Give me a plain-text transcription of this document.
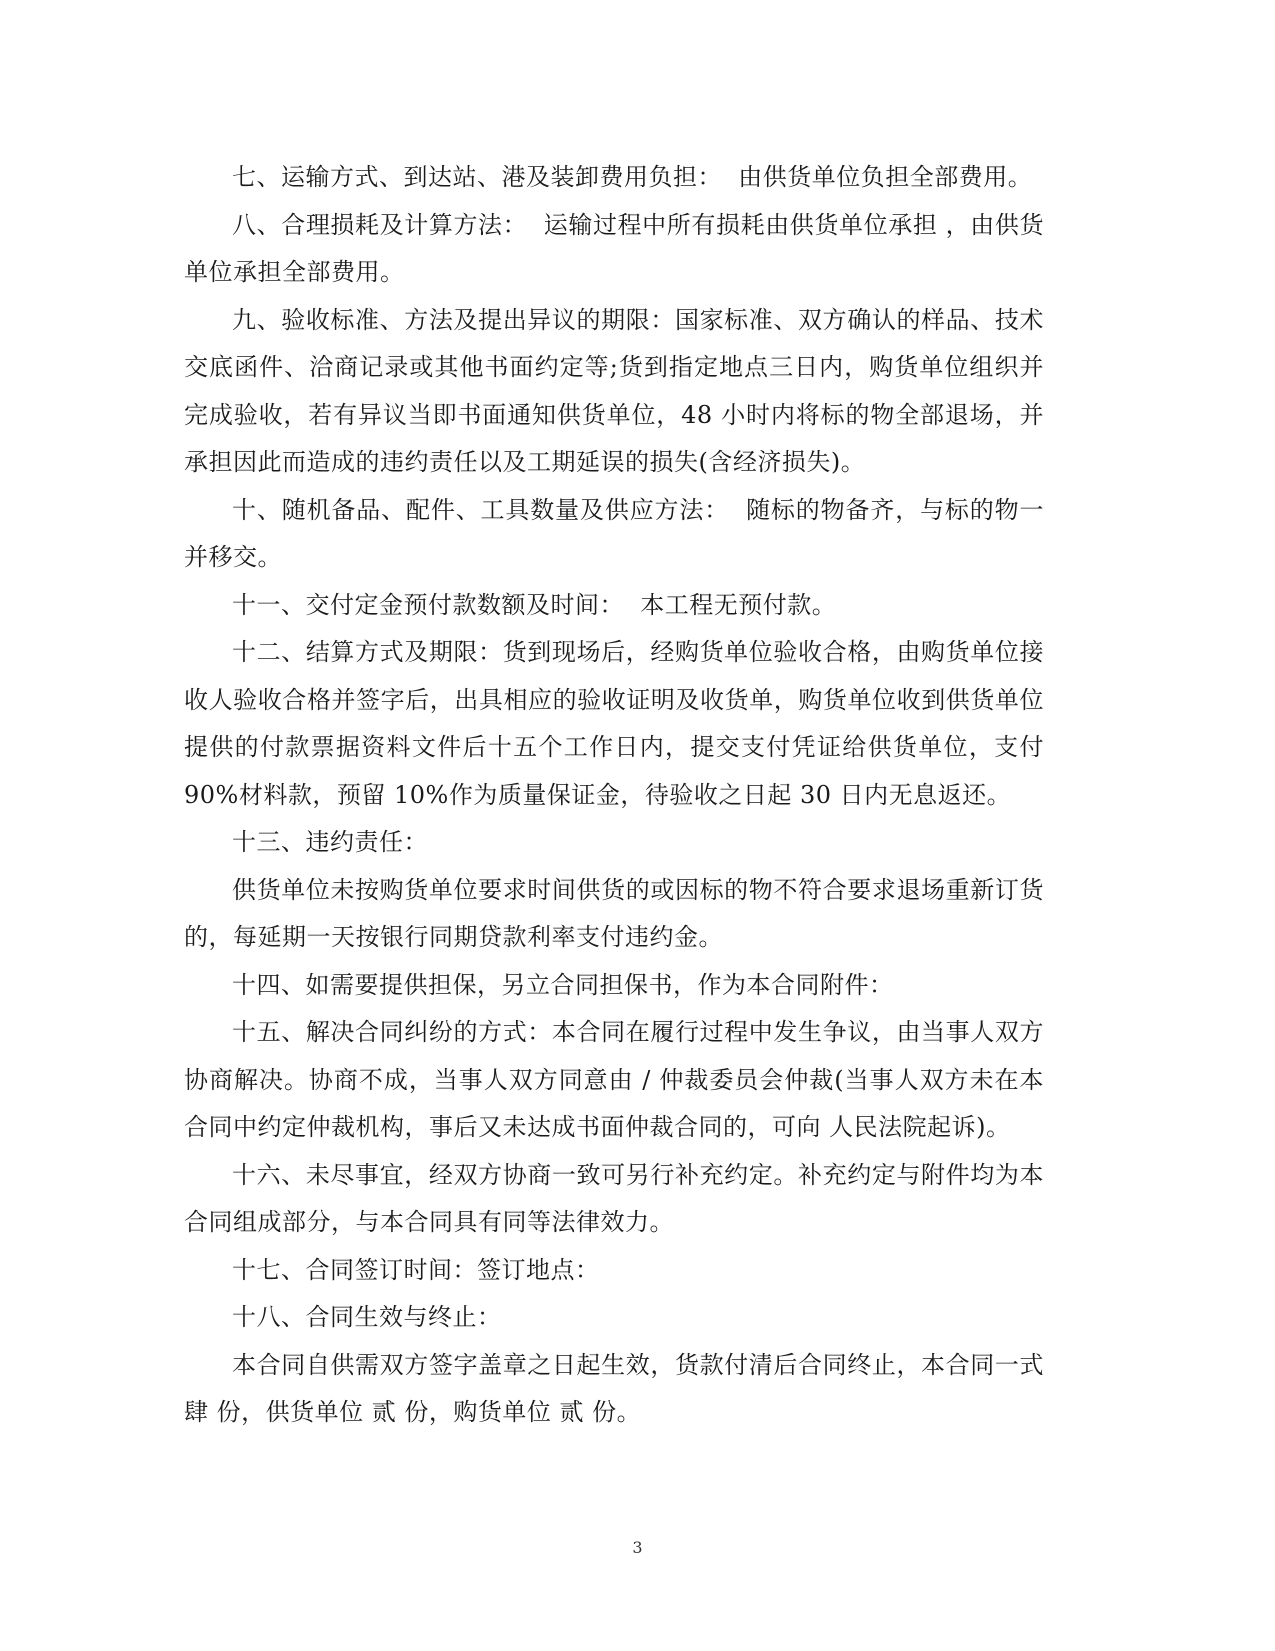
七、运输方式、到达站、港及装卸费用负担：  由供货单位负担全部费用。

八、合理损耗及计算方法：  运输过程中所有损耗由供货单位承担 ，由供货单位承担全部费用。

九、验收标准、方法及提出异议的期限：国家标准、双方确认的样品、技术交底函件、洽商记录或其他书面约定等;货到指定地点三日内，购货单位组织并完成验收，若有异议当即书面通知供货单位，48 小时内将标的物全部退场，并承担因此而造成的违约责任以及工期延误的损失(含经济损失)。

十、随机备品、配件、工具数量及供应方法：  随标的物备齐，与标的物一并移交。

十一、交付定金预付款数额及时间：  本工程无预付款。

十二、结算方式及期限：货到现场后，经购货单位验收合格，由购货单位接收人验收合格并签字后，出具相应的验收证明及收货单，购货单位收到供货单位提供的付款票据资料文件后十五个工作日内，提交支付凭证给供货单位，支付 90%材料款，预留 10%作为质量保证金，待验收之日起 30 日内无息返还。

十三、违约责任：

供货单位未按购货单位要求时间供货的或因标的物不符合要求退场重新订货的，每延期一天按银行同期贷款利率支付违约金。

十四、如需要提供担保，另立合同担保书，作为本合同附件：

十五、解决合同纠纷的方式：本合同在履行过程中发生争议，由当事人双方协商解决。协商不成，当事人双方同意由 / 仲裁委员会仲裁(当事人双方未在本合同中约定仲裁机构，事后又未达成书面仲裁合同的，可向 人民法院起诉)。

十六、未尽事宜，经双方协商一致可另行补充约定。补充约定与附件均为本合同组成部分，与本合同具有同等法律效力。

十七、合同签订时间：签订地点：

十八、合同生效与终止：

本合同自供需双方签字盖章之日起生效，货款付清后合同终止，本合同一式肆 份，供货单位 贰 份，购货单位 贰 份。

3
